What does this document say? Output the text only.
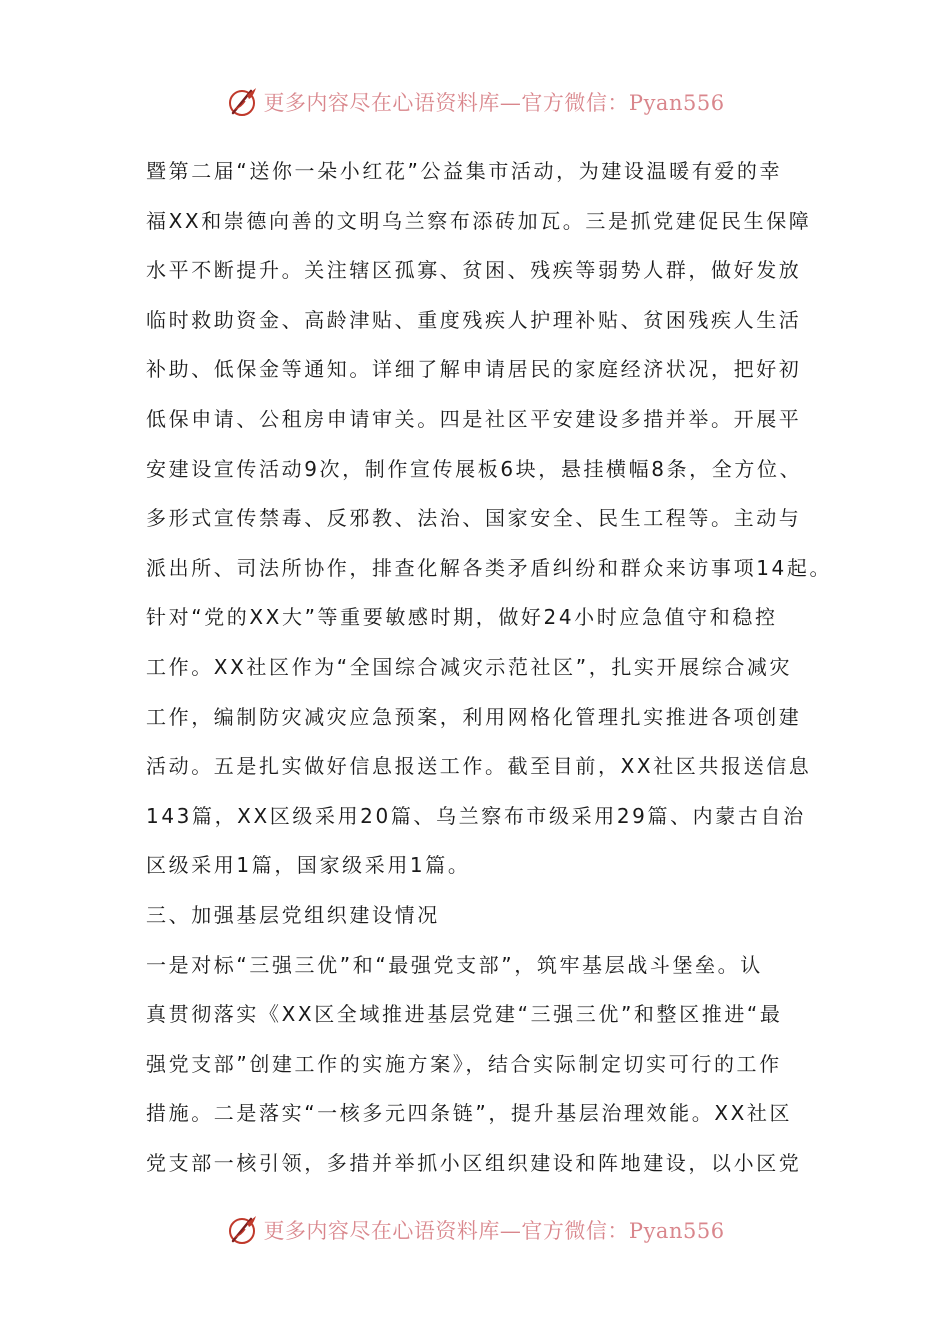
更多内容尽在心语资料库—官方微信：Pyan556
暨第二届“送你一朵小红花”公益集市活动，为建设温暖有爱的幸
福XX和崇德向善的文明乌兰察布添砖加瓦。三是抓党建促民生保障
水平不断提升。关注辖区孤寡、贫困、残疾等弱势人群，做好发放
临时救助资金、高龄津贴、重度残疾人护理补贴、贫困残疾人生活
补助、低保金等通知。详细了解申请居民的家庭经济状况，把好初
低保申请、公租房申请审关。四是社区平安建设多措并举。开展平
安建设宣传活动9次，制作宣传展板6块，悬挂横幅8条，全方位、
多形式宣传禁毒、反邪教、法治、国家安全、民生工程等。主动与
派出所、司法所协作，排查化解各类矛盾纠纷和群众来访事项14起。
针对“党的XX大”等重要敏感时期，做好24小时应急值守和稳控
工作。XX社区作为“全国综合减灾示范社区”，扎实开展综合减灾
工作，编制防灾减灾应急预案，利用网格化管理扎实推进各项创建
活动。五是扎实做好信息报送工作。截至目前，XX社区共报送信息
143篇，XX区级采用20篇、乌兰察布市级采用29篇、内蒙古自治
区级采用1篇，国家级采用1篇。
三、加强基层党组织建设情况
一是对标“三强三优”和“最强党支部”，筑牢基层战斗堡垒。认
真贯彻落实《XX区全域推进基层党建“三强三优”和整区推进“最
强党支部”创建工作的实施方案》，结合实际制定切实可行的工作
措施。二是落实“一核多元四条链”，提升基层治理效能。XX社区
党支部一核引领，多措并举抓小区组织建设和阵地建设，以小区党
更多内容尽在心语资料库—官方微信：Pyan556
